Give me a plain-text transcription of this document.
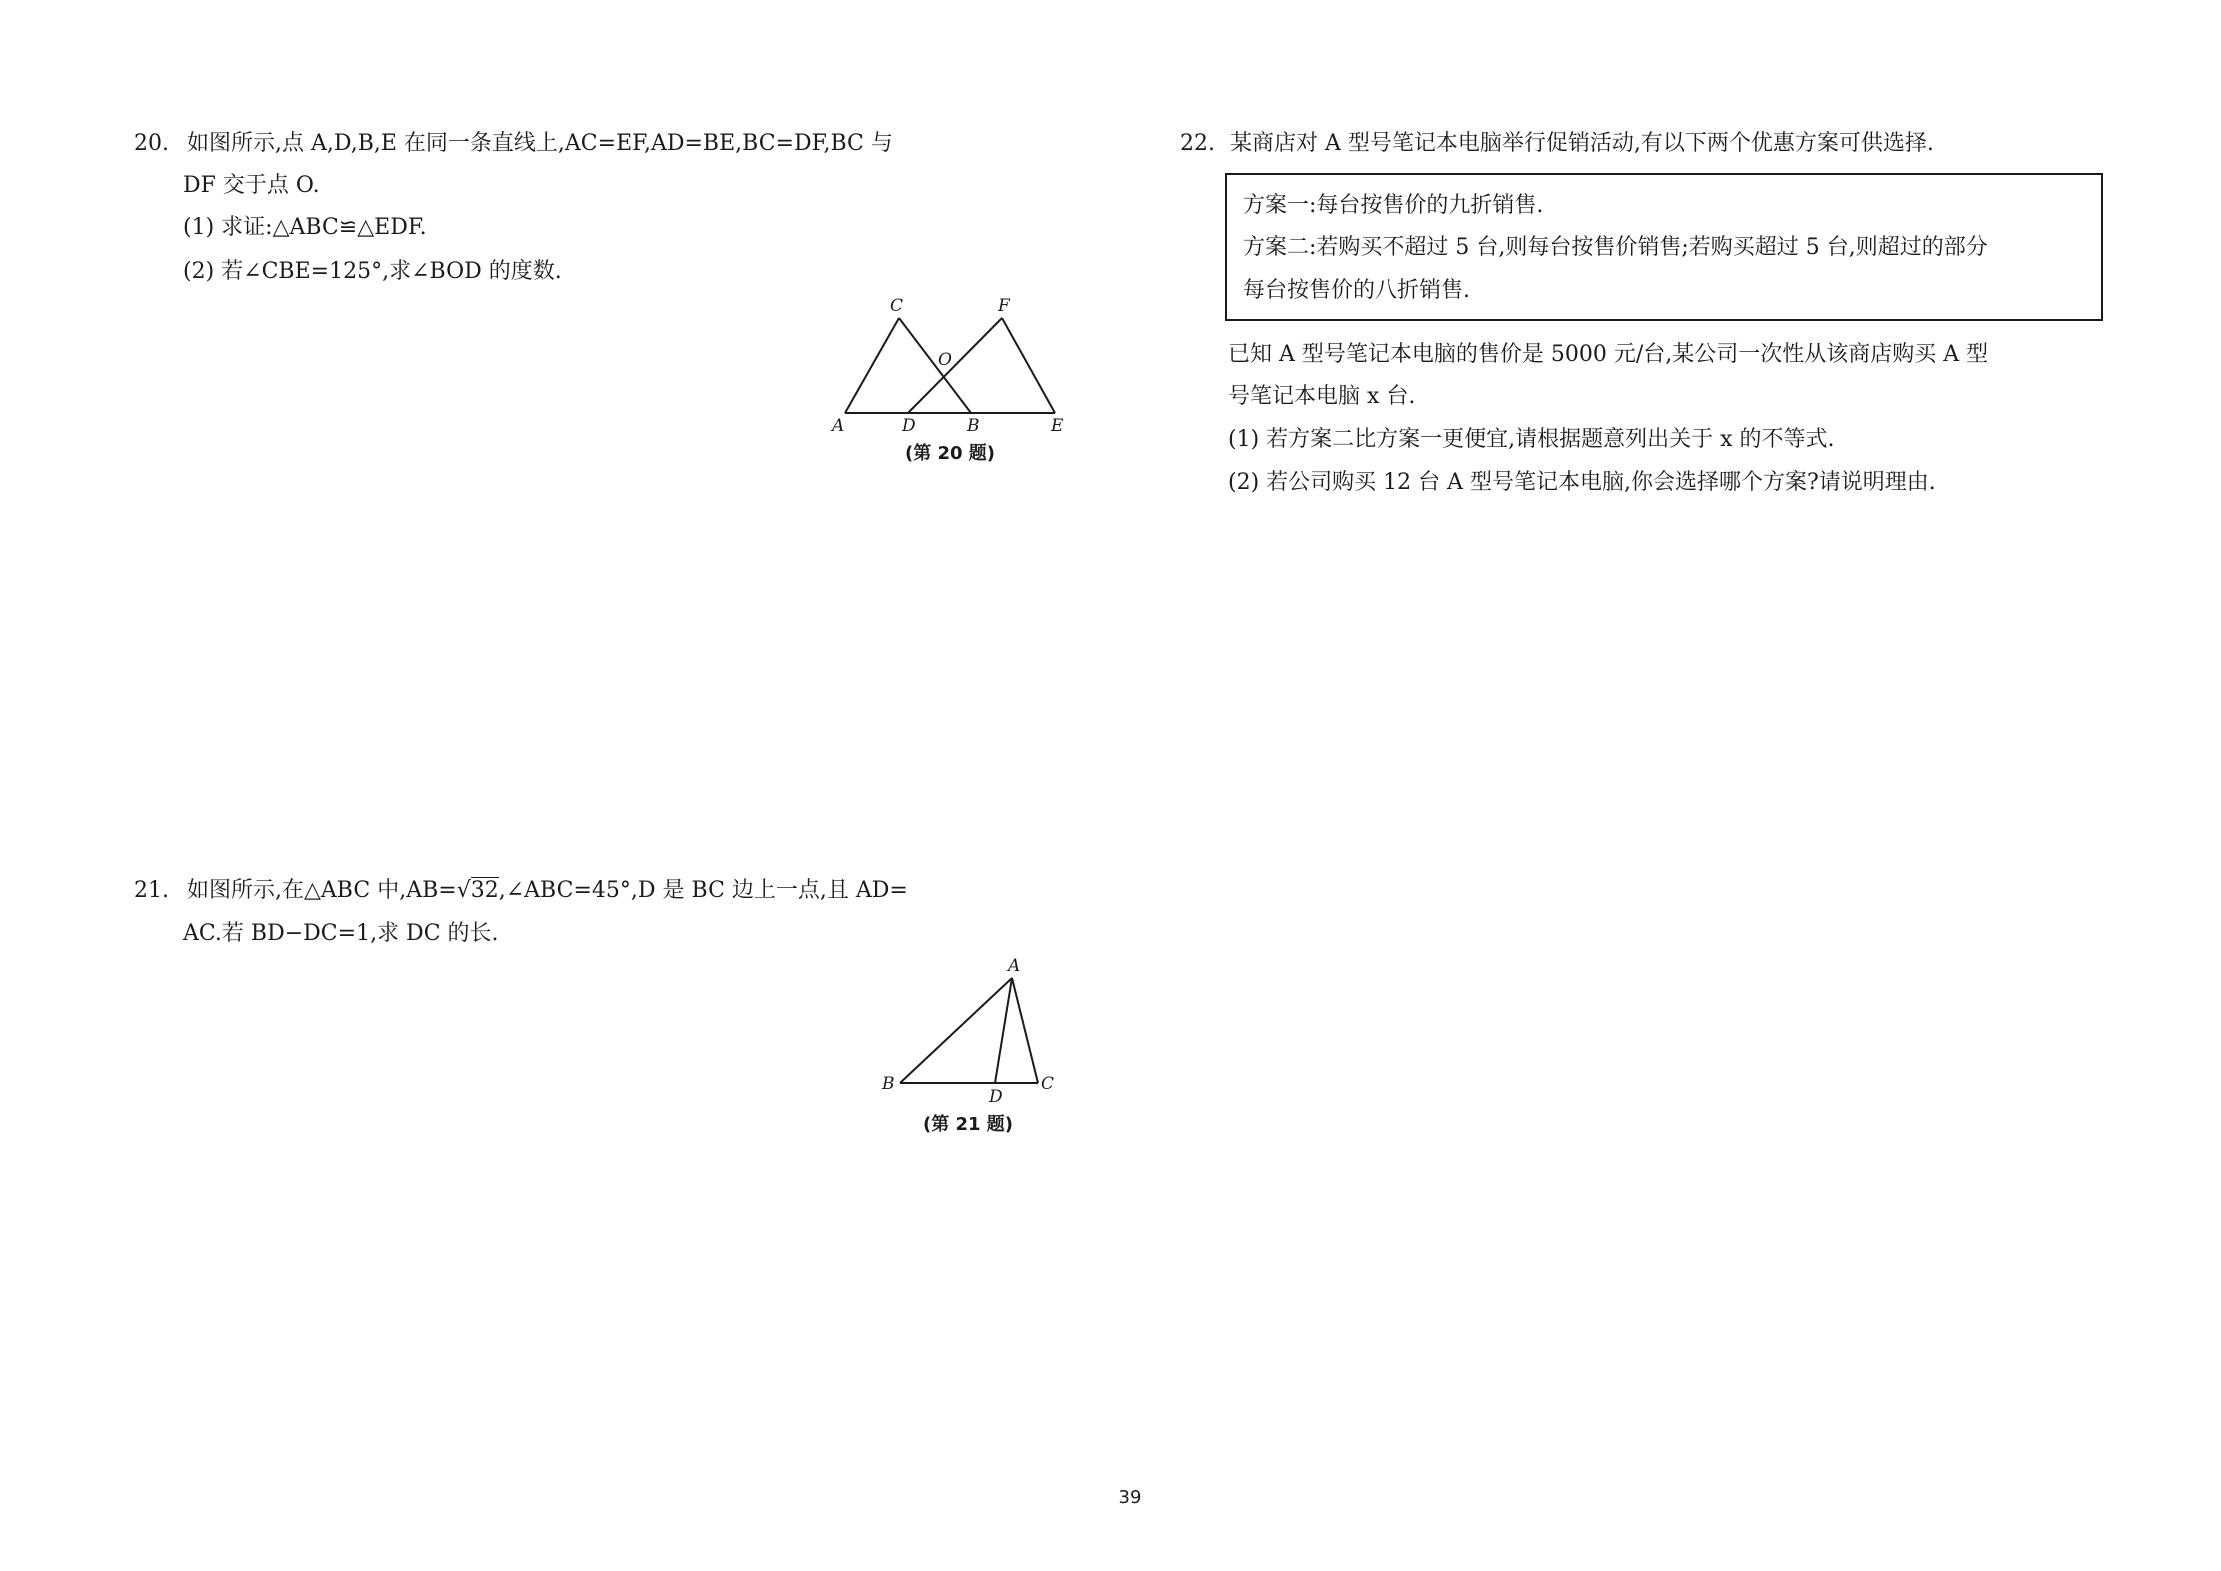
20. 如图所示,点 A,D,B,E 在同一条直线上,AC=EF,AD=BE,BC=DF,BC 与
DF 交于点 O.
(1) 求证:△ABC≌△EDF.
(2) 若∠CBE=125°,求∠BOD 的度数.
C	F
O
A	D	B	E
(第 20 题)
21. 如图所示,在△ABC 中,AB=√32,∠ABC=45°,D 是 BC 边上一点,且 AD=
AC.若 BD−DC=1,求 DC 的长.
A
B
D
C
(第 21 题)
22. 某商店对 A 型号笔记本电脑举行促销活动,有以下两个优惠方案可供选择.
方案一:每台按售价的九折销售.
方案二:若购买不超过 5 台,则每台按售价销售;若购买超过 5 台,则超过的部分
每台按售价的八折销售.
已知 A 型号笔记本电脑的售价是 5000 元/台,某公司一次性从该商店购买 A 型
号笔记本电脑 x 台.
(1) 若方案二比方案一更便宜,请根据题意列出关于 x 的不等式.
(2) 若公司购买 12 台 A 型号笔记本电脑,你会选择哪个方案?请说明理由.
39
